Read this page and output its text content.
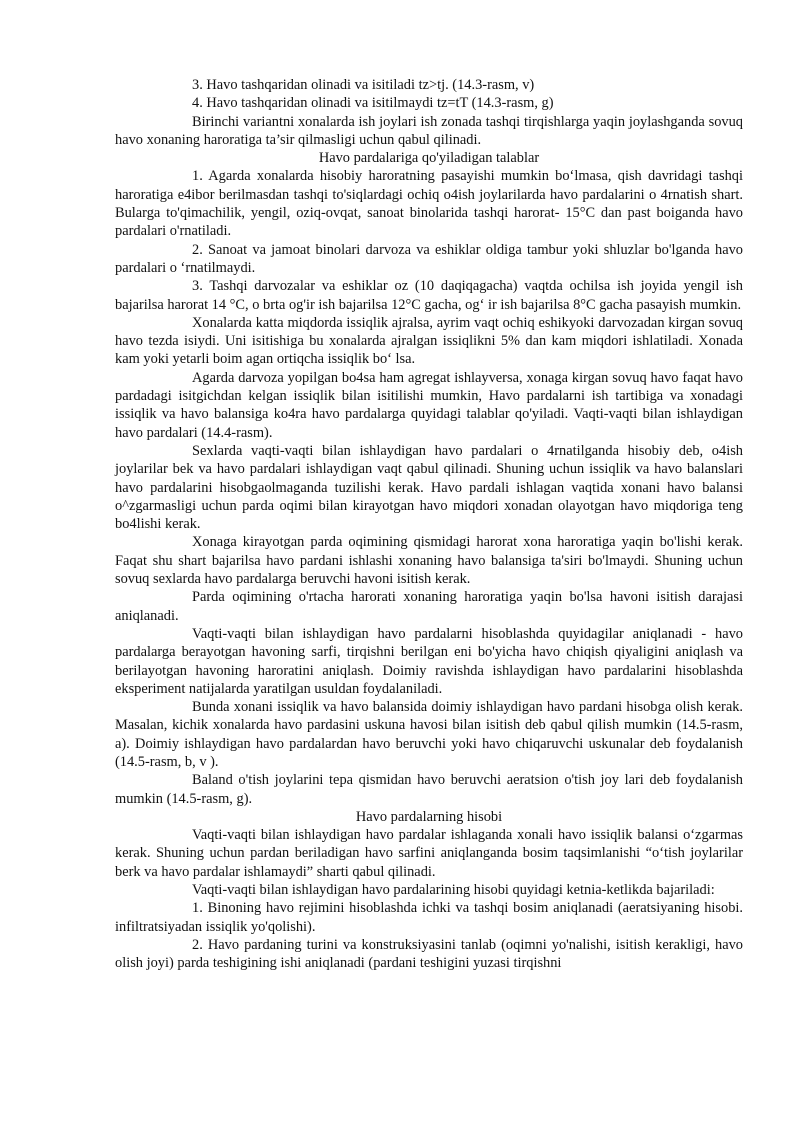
3. Havo tashqaridan olinadi va isitiladi tz>tj. (14.3-rasm, v)

4. Havo tashqaridan olinadi va isitilmaydi tz=tT (14.3-rasm, g)

Birinchi variantni xonalarda ish joylari ish zonada tashqi tirqishlarga yaqin joylashganda sovuq havo xonaning haroratiga ta’sir qilmasligi uchun qabul qilinadi.

Havo pardalariga qo'yiladigan talablar

1. Agarda xonalarda hisobiy haroratning pasayishi mumkin bo‘lmasa, qish davridagi tashqi haroratiga e4ibor berilmasdan tashqi to'siqlardagi ochiq o4ish joylarilarda havo pardalarini o 4rnatish shart. Bularga to'qimachilik, yengil, oziq-ovqat, sanoat binolarida tashqi harorat- 15°C dan past boiganda havo pardalari o'rnatiladi.

2. Sanoat va jamoat binolari darvoza va eshiklar oldiga tambur yoki shluzlar bo'lganda havo pardalari o ‘rnatilmaydi.

3. Tashqi darvozalar va eshiklar oz (10 daqiqagacha) vaqtda ochilsa ish joyida yengil ish bajarilsa harorat 14 °C, o brta og'ir ish bajarilsa 12°C gacha, og‘ ir ish bajarilsa 8°C gacha pasayish mumkin.

Xonalarda katta miqdorda issiqlik ajralsa, ayrim vaqt ochiq eshikyoki darvozadan kirgan sovuq havo tezda isiydi. Uni isitishiga bu xonalarda ajralgan issiqlikni 5% dan kam miqdori ishlatiladi. Xonada kam yoki yetarli boim agan ortiqcha issiqlik bo‘ lsa.

Agarda darvoza yopilgan bo4sa ham agregat ishlayversa, xonaga kirgan sovuq havo faqat havo pardadagi isitgichdan kelgan issiqlik bilan isitilishi mumkin, Havo pardalarni ish tartibiga va xonadagi issiqlik va havo balansiga ko4ra havo pardalarga quyidagi talablar qo'yiladi. Vaqti-vaqti bilan ishlaydigan havo pardalari (14.4-rasm).

Sexlarda vaqti-vaqti bilan ishlaydigan havo pardalari o 4rnatilganda hisobiy deb, o4ish joylarilar bek va havo pardalari ishlaydigan vaqt qabul qilinadi. Shuning uchun issiqlik va havo balanslari havo pardalarini hisobgaolmaganda tuzilishi kerak. Havo pardali ishlagan vaqtida xonani havo balansi o^zgarmasligi uchun parda oqimi bilan kirayotgan havo miqdori xonadan olayotgan havo miqdoriga teng bo4lishi kerak.

Xonaga kirayotgan parda oqimining qismidagi harorat xona haroratiga yaqin bo'lishi kerak. Faqat shu shart bajarilsa havo pardani ishlashi xonaning havo balansiga ta'siri bo'lmaydi. Shuning uchun sovuq sexlarda havo pardalarga beruvchi havoni isitish kerak.

Parda oqimining o'rtacha harorati xonaning haroratiga yaqin bo'lsa havoni isitish darajasi aniqlanadi.

Vaqti-vaqti bilan ishlaydigan havo pardalarni hisoblashda quyidagilar aniqlanadi - havo pardalarga berayotgan havoning sarfi, tirqishni berilgan eni bo'yicha havo chiqish qiyaligini aniqlash va berilayotgan havoning haroratini aniqlash. Doimiy ravishda ishlaydigan havo pardalarini hisoblashda eksperiment natijalarda yaratilgan usuldan foydalaniladi.

Bunda xonani issiqlik va havo balansida doimiy ishlaydigan havo pardani hisobga olish kerak. Masalan, kichik xonalarda havo pardasini uskuna havosi bilan isitish deb qabul qilish mumkin (14.5-rasm, a). Doimiy ishlaydigan havo pardalardan havo beruvchi yoki havo chiqaruvchi uskunalar deb foydalanish (14.5-rasm, b, v ).

Baland o'tish joylarini tepa qismidan havo beruvchi aeratsion o'tish joy lari deb foydalanish mumkin (14.5-rasm, g).

Havo pardalarning hisobi

Vaqti-vaqti bilan ishlaydigan havo pardalar ishlaganda xonali havo issiqlik balansi o‘zgarmas kerak. Shuning uchun pardan beriladigan havo sarfini aniqlanganda bosim taqsimlanishi “o‘tish joylarilar berk va havo pardalar ishlamaydi” sharti qabul qilinadi.

Vaqti-vaqti bilan ishlaydigan havo pardalarining hisobi quyidagi ketnia-ketlikda bajariladi:

1. Binoning havo rejimini hisoblashda ichki va tashqi bosim aniqlanadi (aeratsiyaning hisobi. infiltratsiyadan issiqlik yo'qolishi).

2. Havo pardaning turini va konstruksiyasini tanlab (oqimni yo'nalishi, isitish kerakligi, havo olish joyi) parda teshigining ishi aniqlanadi (pardani teshigini yuzasi tirqishni
